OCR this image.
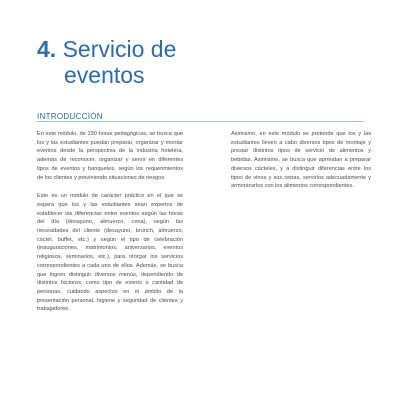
4. Servicio de
eventos
INTRODUCCIÓN

En este módulo, de 190 horas pedagógicas, se busca que los y las estudiantes puedan preparar, organizar y montar eventos desde la perspectiva de la industria hotelera, además de reconocer, organizar y servir en diferentes tipos de eventos y banquetes, según los requerimientos de los clientes y previniendo situaciones de riesgos.

Este es un módulo de carácter práctico en el que se espera que los y las estudiantes sean expertos de establecer las diferencias entre eventos según las horas del día (desayuno, almuerzo, cena), según las necesidades del cliente (desayuno, brunch, almuerzo, cóctel, buffet, etc.) y según el tipo de celebración (inauguraciones, matrimonios, aniversarios, eventos religiosos, seminarios, etc.), para otorgar los servicios correspondientes a cada uno de ellos. Además, se busca que logren distinguir diversos menús, dependiendo de distintos factores, como tipo de evento o cantidad de personas, cuidando aspectos en el ámbito de la presentación personal, higiene y seguridad de clientes y trabajadores.

Asimismo, en este módulo se pretende que los y las estudiantes lleven a cabo diversos tipos de montaje y prestar distintos tipos de servicio de alimentos y bebidas. Asimismo, se busca que aprendan a preparar diversos cócteles, y a distinguir diferencias entre los tipos de vinos y sus cepas, servirlos adecuadamente y armonizarlos con los alimentos correspondientes.
